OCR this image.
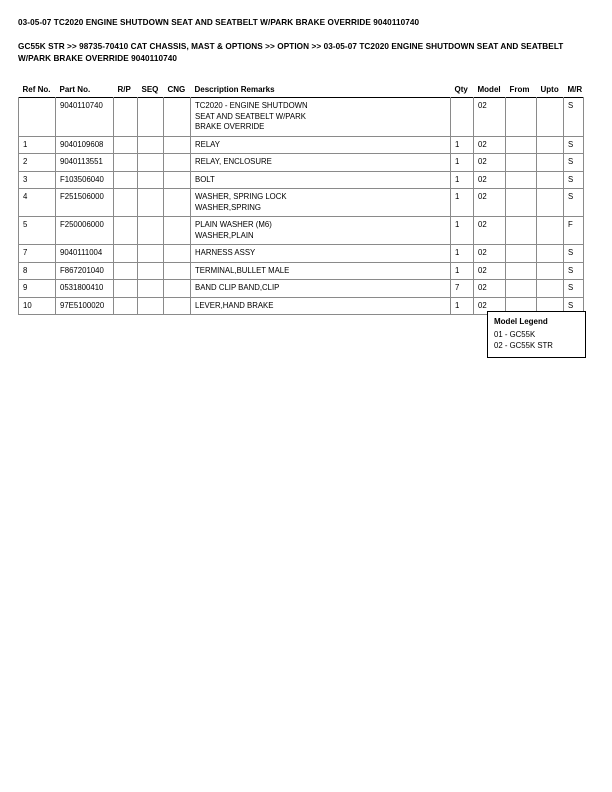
03-05-07 TC2020 ENGINE SHUTDOWN SEAT AND SEATBELT W/PARK BRAKE OVERRIDE 9040110740
GC55K STR >> 98735-70410 CAT CHASSIS, MAST & OPTIONS >> OPTION >> 03-05-07 TC2020 ENGINE SHUTDOWN SEAT AND SEATBELT W/PARK BRAKE OVERRIDE 9040110740
Ref No.	Part No.	R/P	SEQ	CNG	Description Remarks	Qty	Model	From	Upto	M/R
	9040110740				TC2020 - ENGINE SHUTDOWN
SEAT AND SEATBELT W/PARK
BRAKE OVERRIDE		02			S
1	9040109608				RELAY	1	02			S
2	9040113551				RELAY, ENCLOSURE	1	02			S
3	F103506040				BOLT	1	02			S
4	F251506000				WASHER, SPRING LOCK
WASHER,SPRING	1	02			S
5	F250006000				PLAIN WASHER (M6)
WASHER,PLAIN	1	02			F
7	9040111004				HARNESS ASSY	1	02			S
8	F867201040				TERMINAL,BULLET MALE	1	02			S
9	0531800410				BAND CLIP BAND,CLIP	7	02			S
10	97E5100020				LEVER,HAND BRAKE	1	02			S
Model Legend
01 - GC55K
02 - GC55K STR
